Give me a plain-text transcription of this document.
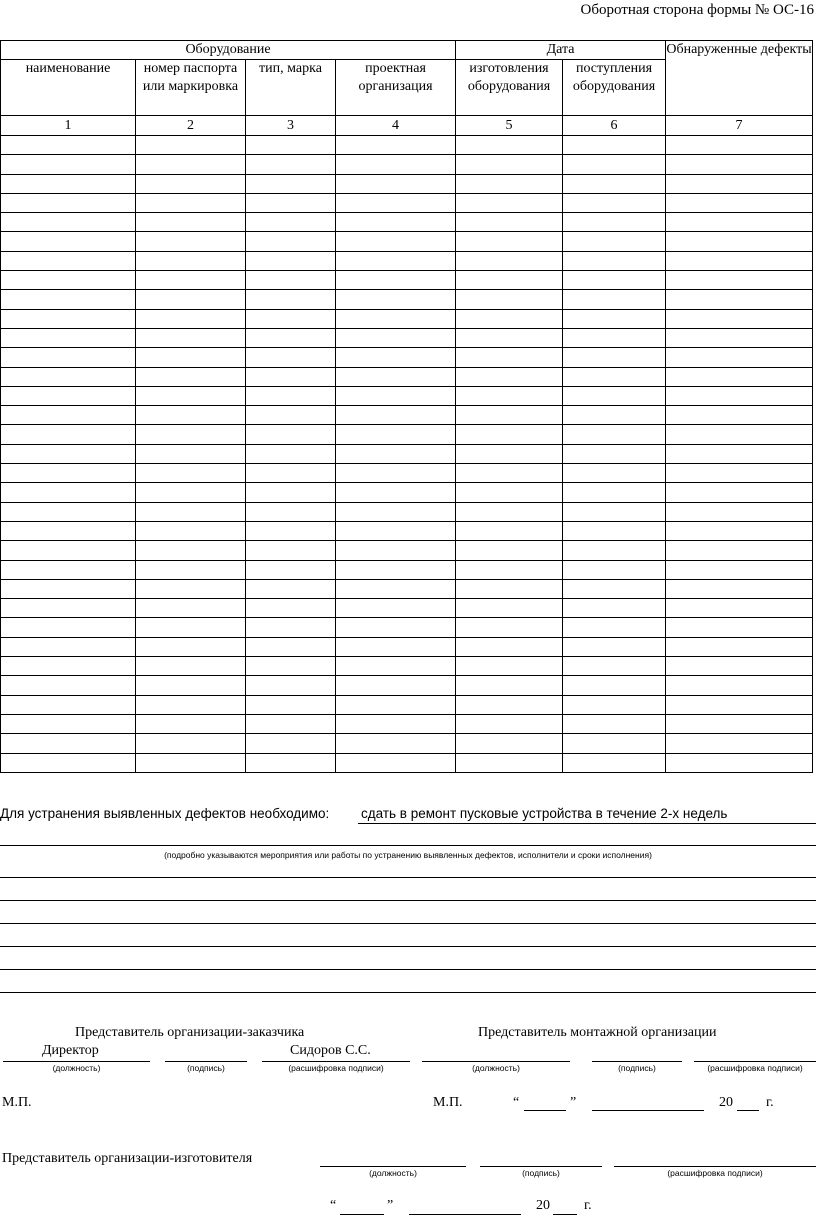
Оборотная сторона формы № ОС-16
Оборудование				Дата		Обнаруженные дефекты
наименование	номер паспорта или маркировка	тип, марка	проектная организация	изготовления оборудования	поступления оборудования	
1	2	3	4	5	6	7

Для устранения выявленных дефектов необходимо: сдать в ремонт пусковые устройства в течение 2-х недель
(подробно указываются мероприятия или работы по устранению выявленных дефектов, исполнители и сроки исполнения)
Представитель организации-заказчика
Директор	Сидоров С.С.
(должность)	(подпись)	(расшифровка подписи)
Представитель монтажной организации
(должность)	(подпись)	(расшифровка подписи)
М.П.	М.П.	“	”	20 г.
Представитель организации-изготовителя
(должность)	(подпись)	(расшифровка подписи)
“	”	20 г.
